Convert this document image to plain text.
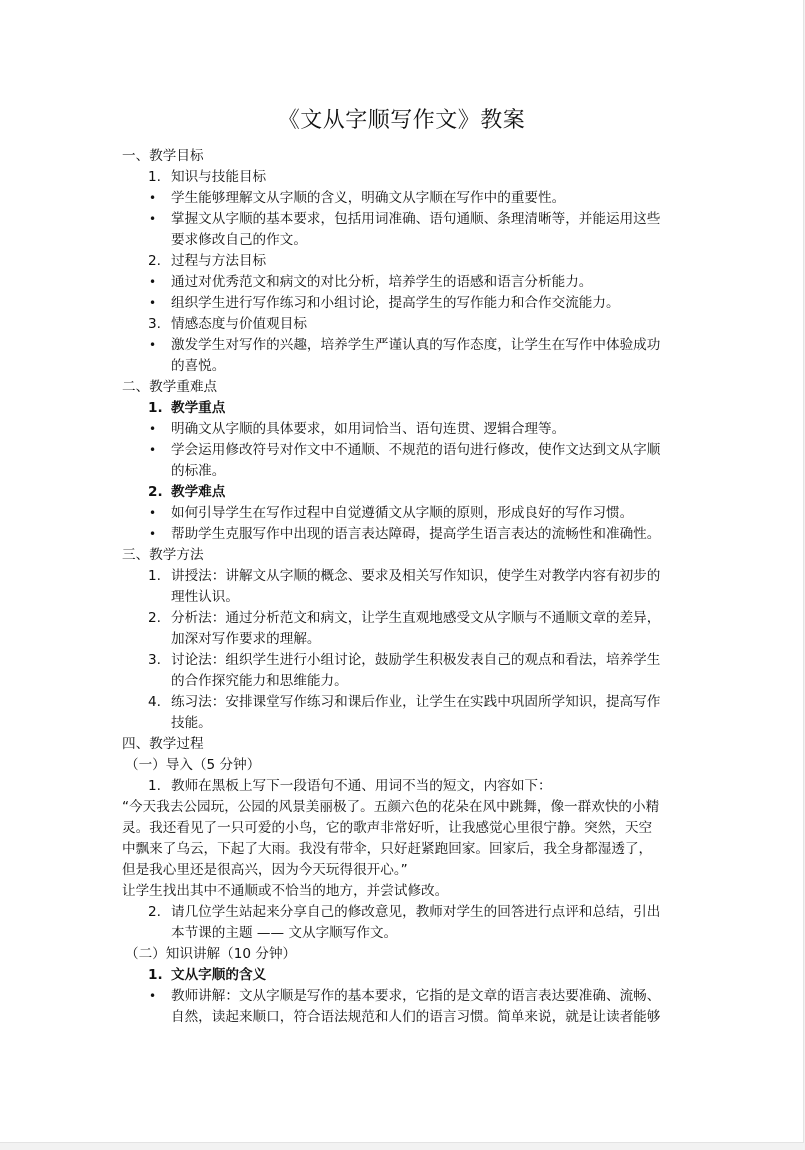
《文从字顺写作文》教案
一、教学目标
1. 知识与技能目标
• 学生能够理解文从字顺的含义，明确文从字顺在写作中的重要性。
• 掌握文从字顺的基本要求，包括用词准确、语句通顺、条理清晰等，并能运用这些
要求修改自己的作文。
2. 过程与方法目标
• 通过对优秀范文和病文的对比分析，培养学生的语感和语言分析能力。
• 组织学生进行写作练习和小组讨论，提高学生的写作能力和合作交流能力。
3. 情感态度与价值观目标
• 激发学生对写作的兴趣，培养学生严谨认真的写作态度，让学生在写作中体验成功
的喜悦。
二、教学重难点
1. 教学重点
• 明确文从字顺的具体要求，如用词恰当、语句连贯、逻辑合理等。
• 学会运用修改符号对作文中不通顺、不规范的语句进行修改，使作文达到文从字顺
的标准。
2. 教学难点
• 如何引导学生在写作过程中自觉遵循文从字顺的原则，形成良好的写作习惯。
• 帮助学生克服写作中出现的语言表达障碍，提高学生语言表达的流畅性和准确性。
三、教学方法
1. 讲授法：讲解文从字顺的概念、要求及相关写作知识，使学生对教学内容有初步的
理性认识。
2. 分析法：通过分析范文和病文，让学生直观地感受文从字顺与不通顺文章的差异，
加深对写作要求的理解。
3. 讨论法：组织学生进行小组讨论，鼓励学生积极发表自己的观点和看法，培养学生
的合作探究能力和思维能力。
4. 练习法：安排课堂写作练习和课后作业，让学生在实践中巩固所学知识，提高写作
技能。
四、教学过程
（一）导入（5 分钟）
1. 教师在黑板上写下一段语句不通、用词不当的短文，内容如下：
“今天我去公园玩，公园的风景美丽极了。五颜六色的花朵在风中跳舞，像一群欢快的小精
灵。我还看见了一只可爱的小鸟，它的歌声非常好听，让我感觉心里很宁静。突然，天空
中飘来了乌云，下起了大雨。我没有带伞，只好赶紧跑回家。回家后，我全身都湿透了，
但是我心里还是很高兴，因为今天玩得很开心。”
让学生找出其中不通顺或不恰当的地方，并尝试修改。
2. 请几位学生站起来分享自己的修改意见，教师对学生的回答进行点评和总结，引出
本节课的主题 —— 文从字顺写作文。
（二）知识讲解（10 分钟）
1. 文从字顺的含义
• 教师讲解：文从字顺是写作的基本要求，它指的是文章的语言表达要准确、流畅、
自然，读起来顺口，符合语法规范和人们的语言习惯。简单来说，就是让读者能够
